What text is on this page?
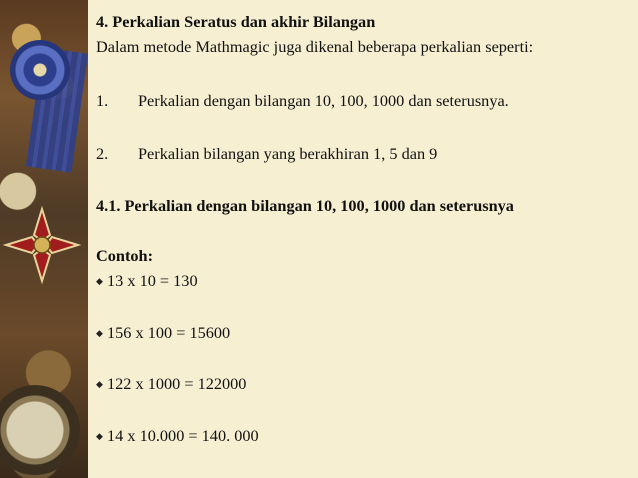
4. Perkalian Seratus dan akhir Bilangan
Dalam metode Mathmagic juga dikenal beberapa perkalian seperti:
1. Perkalian dengan bilangan 10, 100, 1000 dan seterusnya.
2. Perkalian bilangan yang berakhiran 1, 5 dan 9
4.1. Perkalian dengan bilangan 10, 100, 1000 dan seterusnya
Contoh:
◆ 13 x 10 = 130
◆ 156 x 100 = 15600
◆ 122 x 1000 = 122000
◆ 14 x 10.000 = 140. 000
